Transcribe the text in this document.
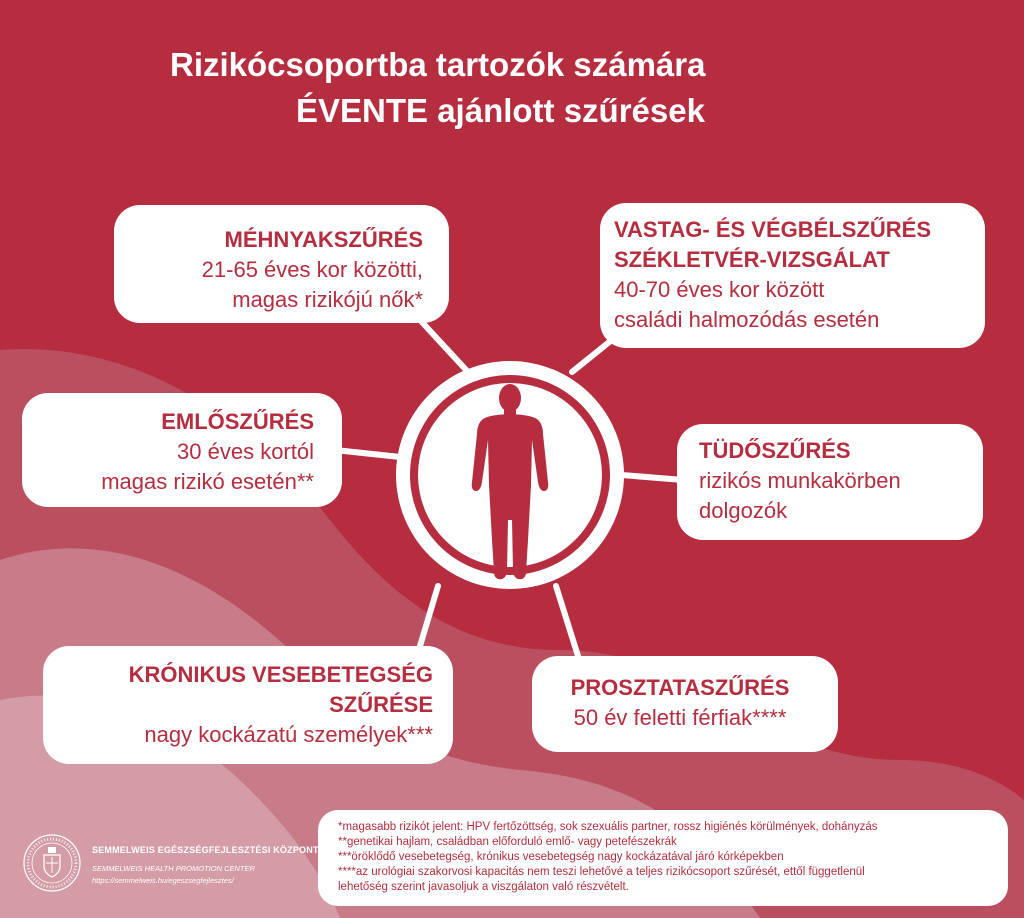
Rizikócsoportba tartozók számára
ÉVENTE ajánlott szűrések
MÉHNYAKSZŰRÉS
21-65 éves kor közötti,
magas rizikójú nők*
VASTAG- ÉS VÉGBÉLSZŰRÉS
SZÉKLETVÉR-VIZSGÁLAT
40-70 éves kor között
családi halmozódás esetén
EMLŐSZŰRÉS
30 éves kortól
magas rizikó esetén**
TÜDŐSZŰRÉS
rizikós munkakörben
dolgozók
KRÓNIKUS VESEBETEGSÉG
SZŰRÉSE
nagy kockázatú személyek***
PROSZTATASZŰRÉS
50 év feletti férfiak****
*magasabb rizikót jelent: HPV fertőzöttség, sok szexuális partner, rossz higiénés körülmények, dohányzás
**genetikai hajlam, családban előforduló emlő- vagy petefészekrák
***öröklődő vesebetegség, krónikus vesebetegség nagy kockázatával járó kórképekben
****az urológiai szakorvosi kapacitás nem teszi lehetővé a teljes rizikócsoport szűrését, ettől függetlenül
lehetőség szerint javasoljuk a viszgálaton való részvételt.
SEMMELWEIS EGÉSZSÉGFEJLESZTÉSI KÖZPONT
SEMMELWEIS HEALTH PROMOTION CENTER
https://semmelweis.hu/egeszsegfejlesztes/
